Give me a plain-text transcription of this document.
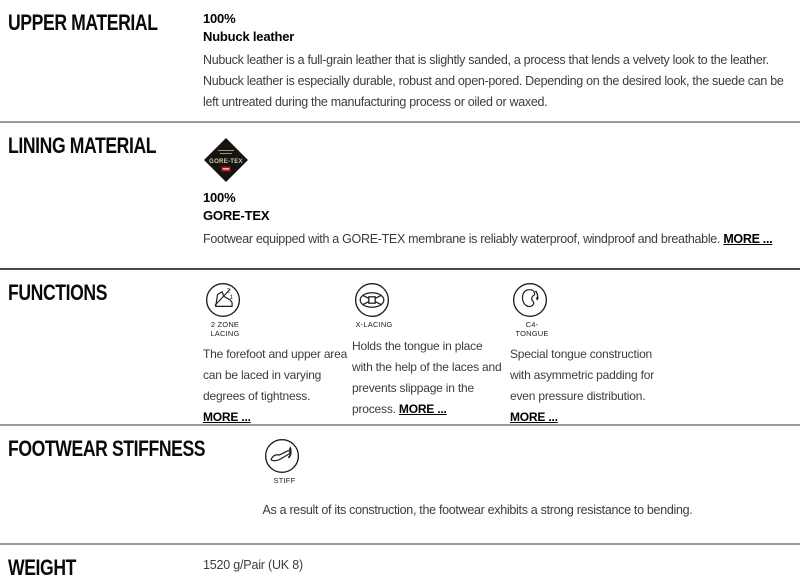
UPPER MATERIAL	100%
Nubuck leather
Nubuck leather is a full-grain leather that is slightly sanded, a process that lends a velvety look to the leather. Nubuck leather is especially durable, robust and open-pored. Depending on the desired look, the suede can be left untreated during the manufacturing process or oiled or waxed.
LINING MATERIAL
GORE-TEX
100%
GORE-TEX
Footwear equipped with a GORE-TEX membrane is reliably waterproof, windproof and breathable. MORE ...
FUNCTIONS	2
1
2 ZONE LACING
The forefoot and upper area can be laced in varying degrees of tightness. MORE ...
X-LACING
Holds the tongue in place with the help of the laces and prevents slippage in the process. MORE ...
C4-TONGUE
Special tongue construction with asymmetric padding for even pressure distribution. MORE ...
FOOTWEAR STIFFNESS
STIFF
As a result of its construction, the footwear exhibits a strong resistance to bending.
WEIGHT	1520 g/Pair (UK 8)
